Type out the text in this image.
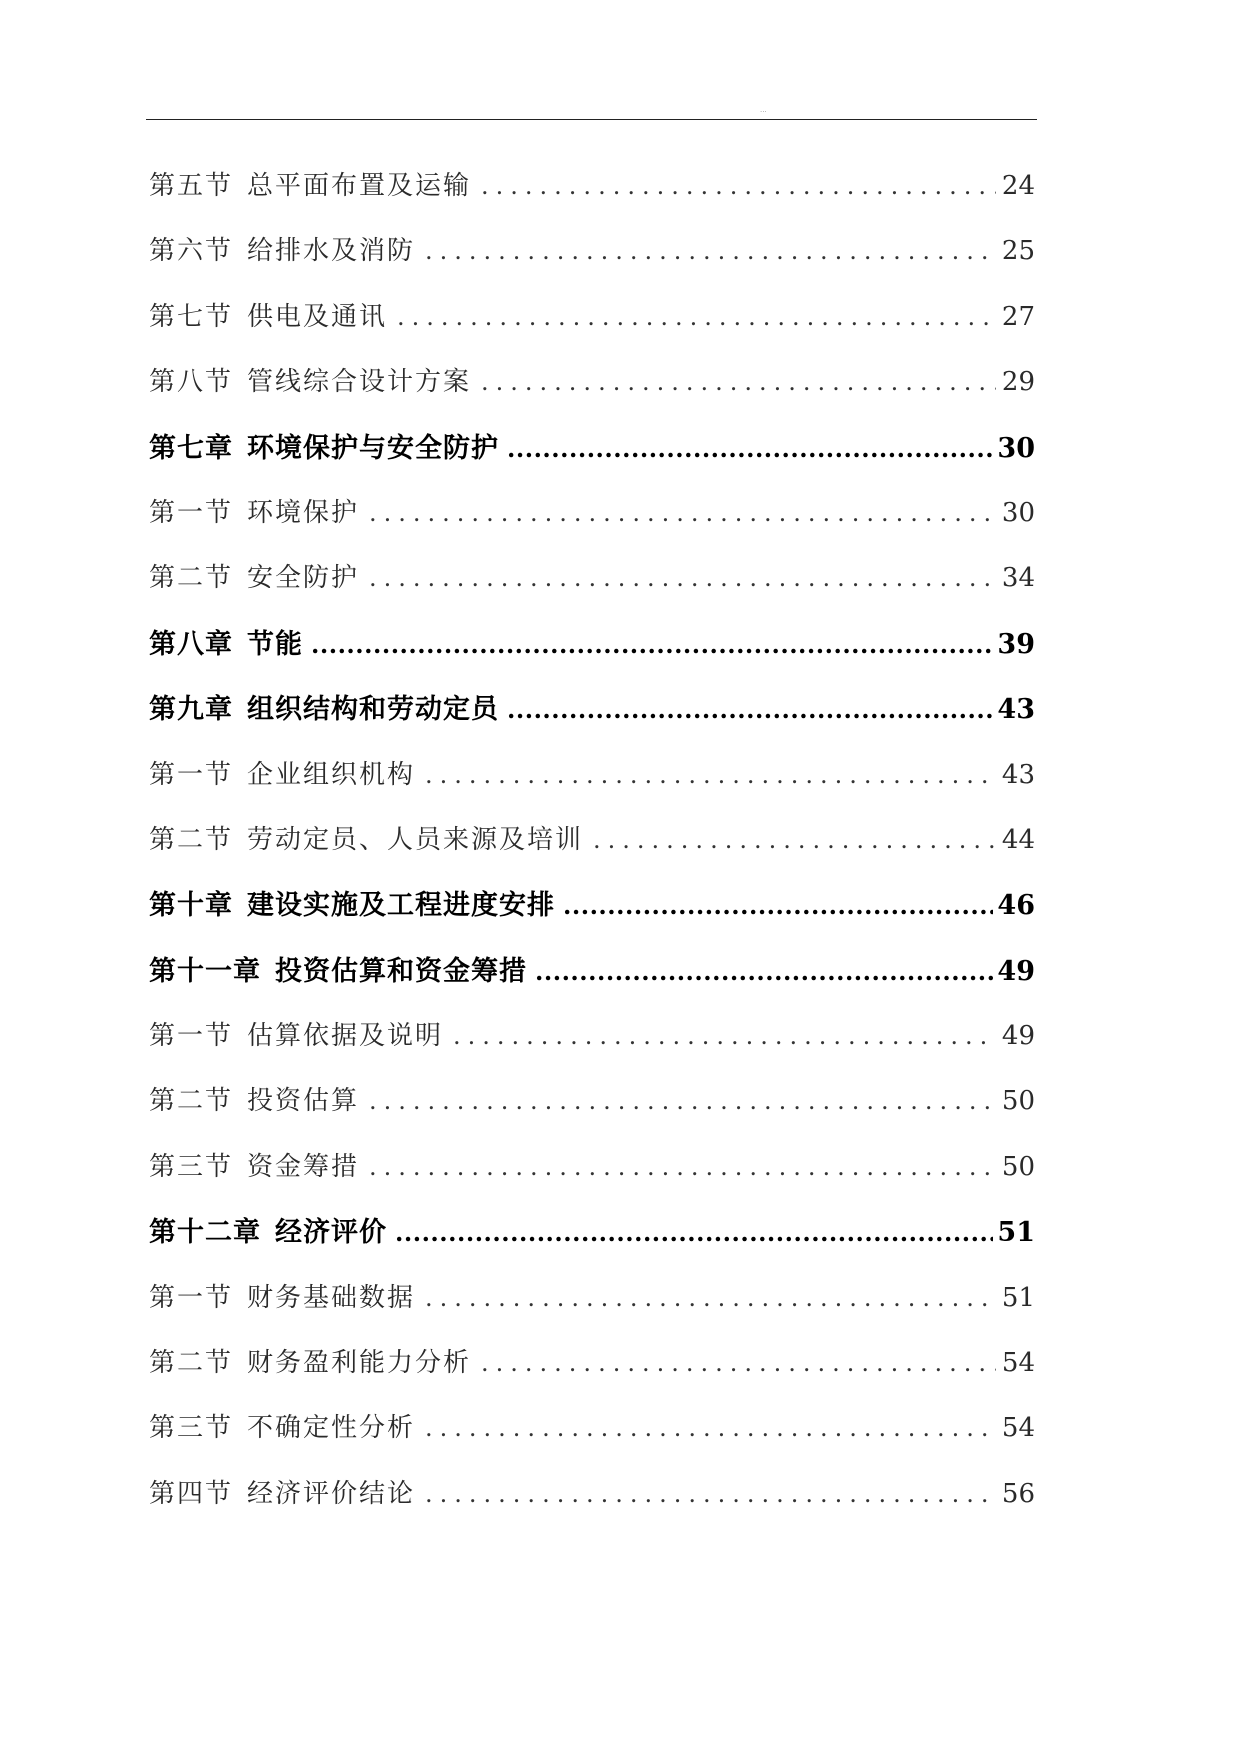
...
第五节 总平面布置及运输 .....	24
第六节 给排水及消防 .....	25
第七节 供电及通讯 .....	27
第八节 管线综合设计方案 .....	29
第七章 环境保护与安全防护 .....	30
第一节 环境保护 .....	30
第二节 安全防护 .....	34
第八章 节能 .....	39
第九章 组织结构和劳动定员 .....	43
第一节 企业组织机构 .....	43
第二节 劳动定员、人员来源及培训 .....	44
第十章 建设实施及工程进度安排 .....	46
第十一章 投资估算和资金筹措 .....	49
第一节 估算依据及说明 .....	49
第二节 投资估算 .....	50
第三节 资金筹措 .....	50
第十二章 经济评价 .....	51
第一节 财务基础数据 .....	51
第二节 财务盈利能力分析 .....	54
第三节 不确定性分析 .....	54
第四节 经济评价结论 .....	56
